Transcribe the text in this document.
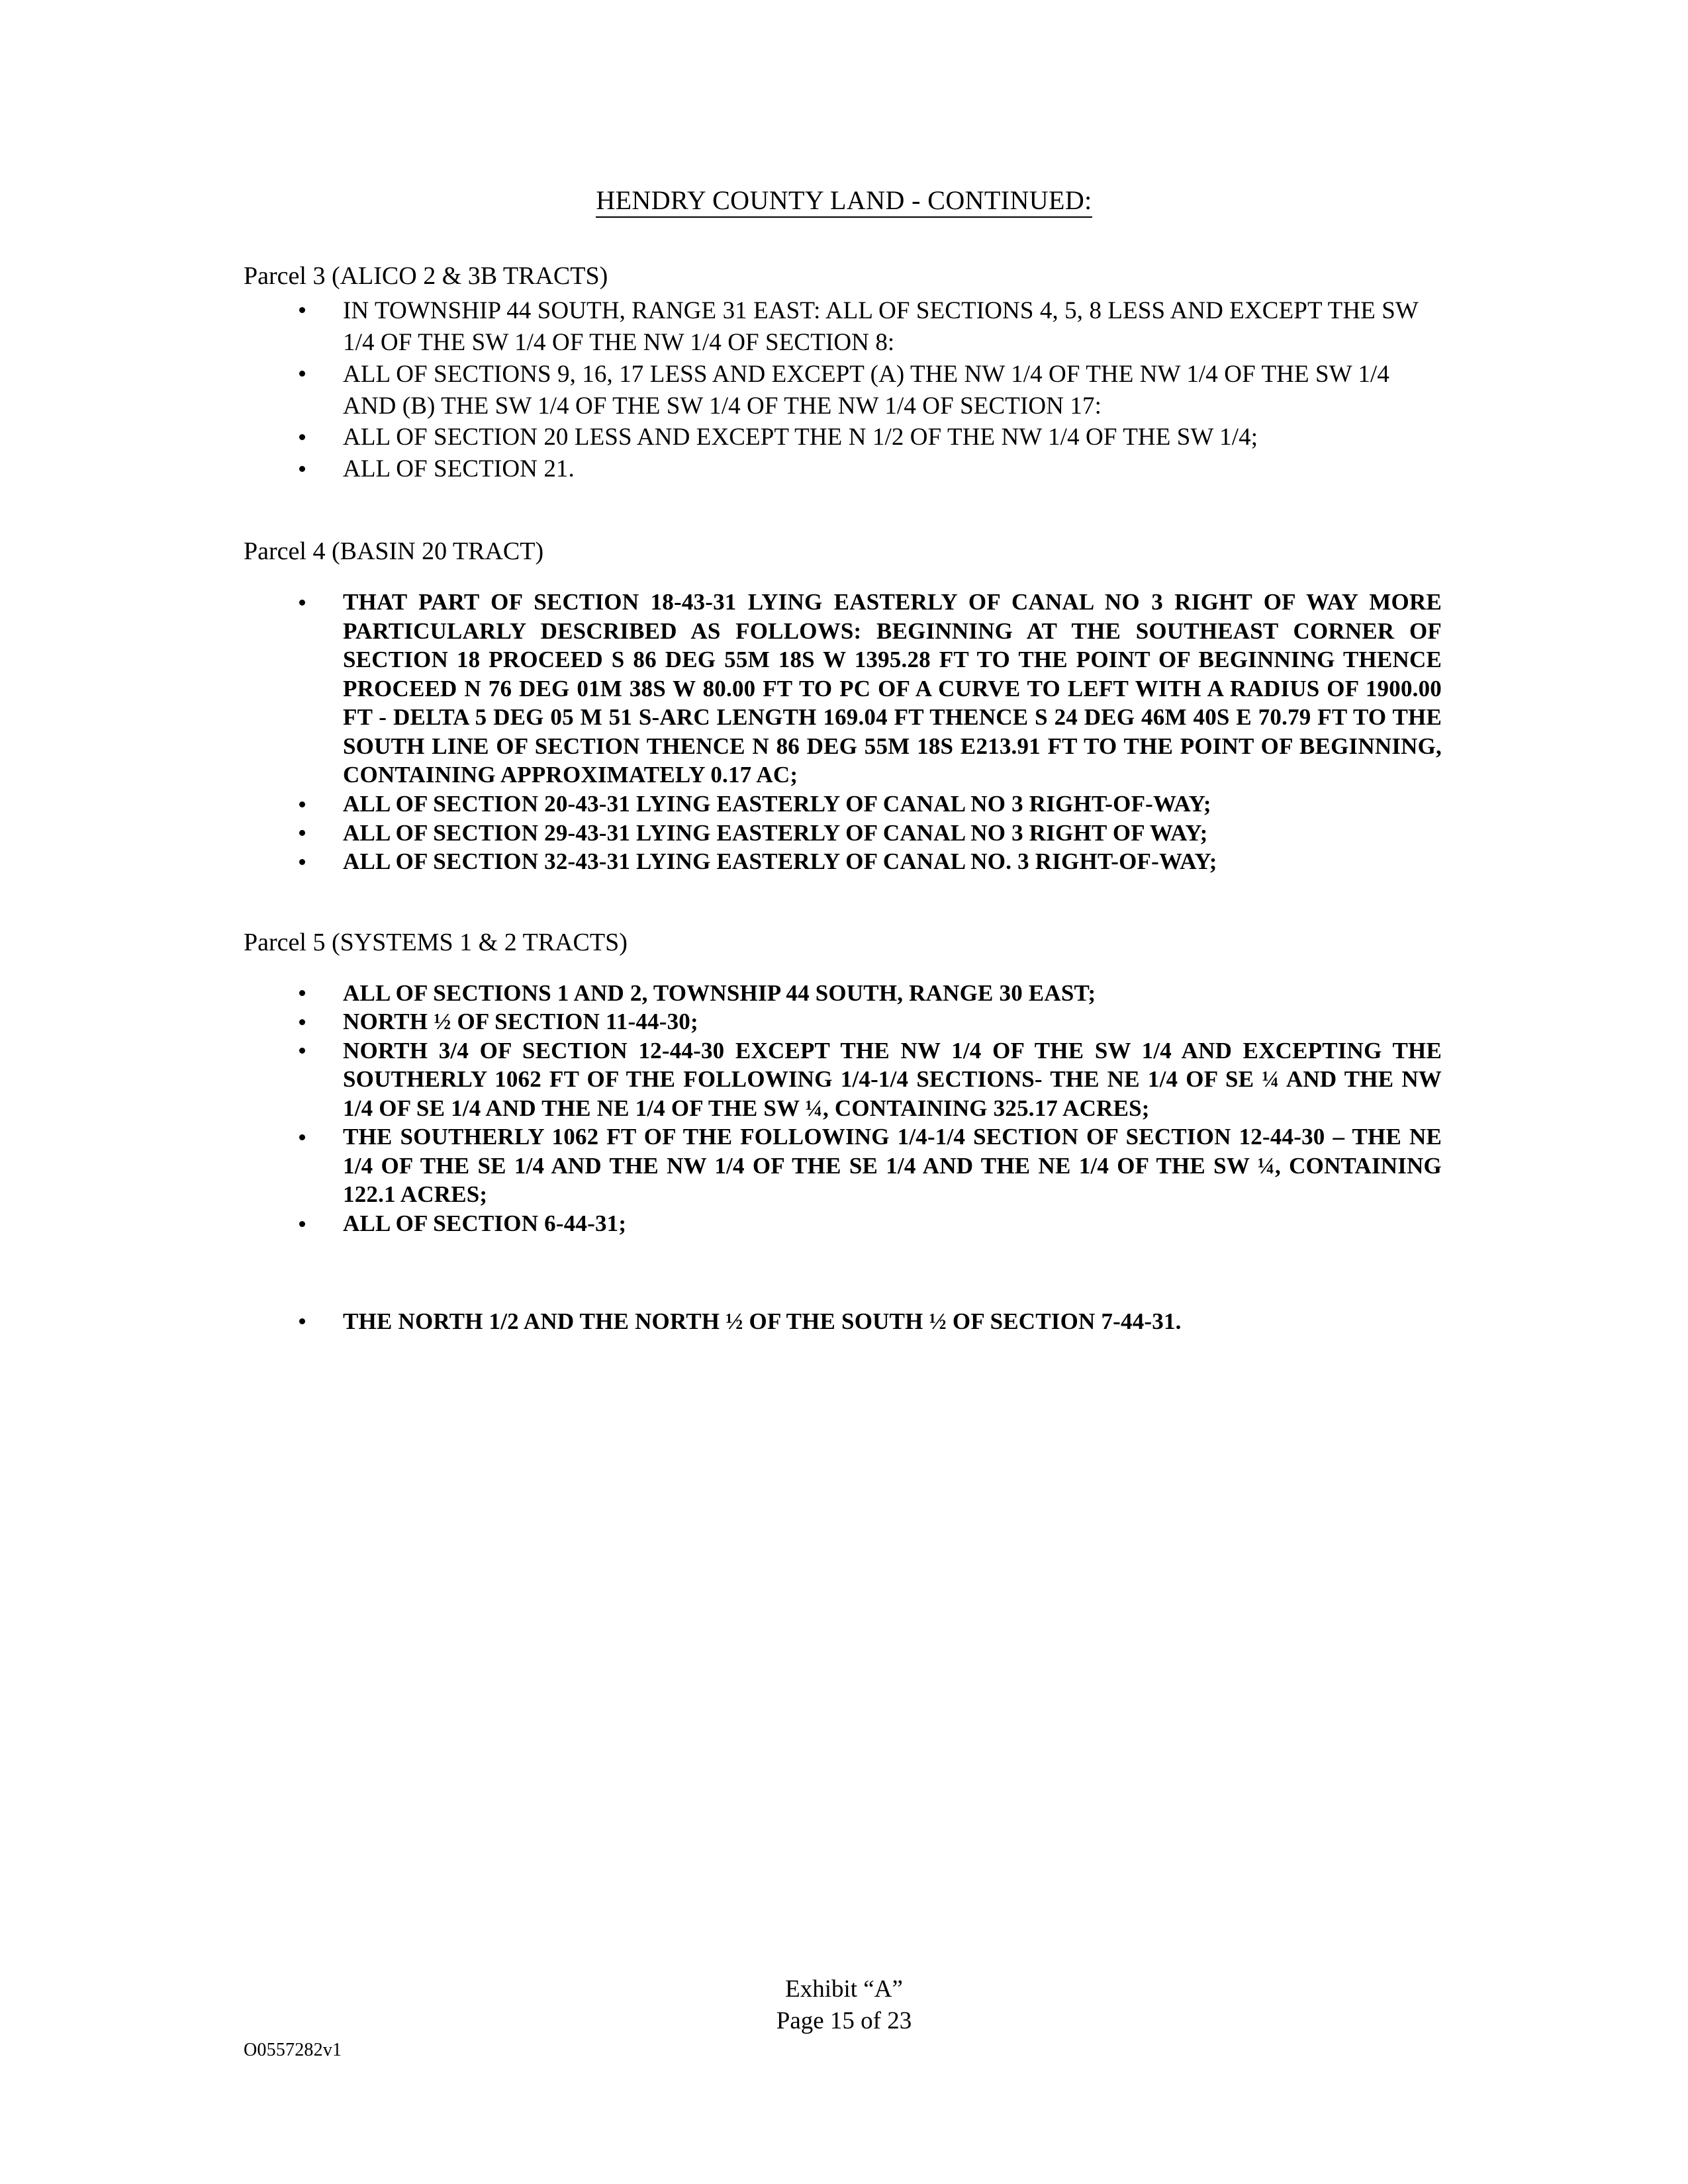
HENDRY COUNTY LAND - CONTINUED:

Parcel 3 (ALICO 2 & 3B TRACTS)

IN TOWNSHIP 44 SOUTH, RANGE 31 EAST: ALL OF SECTIONS 4, 5, 8 LESS AND EXCEPT THE SW 1/4 OF THE SW 1/4 OF THE NW 1/4 OF SECTION 8:
ALL OF SECTIONS 9, 16, 17 LESS AND EXCEPT (A) THE NW 1/4 OF THE NW 1/4 OF THE SW 1/4 AND (B) THE SW 1/4 OF THE SW 1/4 OF THE NW 1/4 OF SECTION 17:
ALL OF SECTION 20 LESS AND EXCEPT THE N 1/2 OF THE NW 1/4 OF THE SW 1/4;
ALL OF SECTION 21.

Parcel 4 (BASIN 20 TRACT)

THAT PART OF SECTION 18-43-31 LYING EASTERLY OF CANAL NO 3 RIGHT OF WAY MORE PARTICULARLY DESCRIBED AS FOLLOWS: BEGINNING AT THE SOUTHEAST CORNER OF SECTION 18 PROCEED S 86 DEG 55M 18S W 1395.28 FT TO THE POINT OF BEGINNING THENCE PROCEED N 76 DEG 01M 38S W 80.00 FT TO PC OF A CURVE TO LEFT WITH A RADIUS OF 1900.00 FT - DELTA 5 DEG 05 M 51 S-ARC LENGTH 169.04 FT THENCE S 24 DEG 46M 40S E 70.79 FT TO THE SOUTH LINE OF SECTION THENCE N 86 DEG 55M 18S E213.91 FT TO THE POINT OF BEGINNING, CONTAINING APPROXIMATELY 0.17 AC;
ALL OF SECTION 20-43-31 LYING EASTERLY OF CANAL NO 3 RIGHT-OF-WAY;
ALL OF SECTION 29-43-31 LYING EASTERLY OF CANAL NO 3 RIGHT OF WAY;
ALL OF SECTION 32-43-31 LYING EASTERLY OF CANAL NO. 3 RIGHT-OF-WAY;

Parcel 5 (SYSTEMS 1 & 2 TRACTS)

ALL OF SECTIONS 1 AND 2, TOWNSHIP 44 SOUTH, RANGE 30 EAST;
NORTH ½ OF SECTION 11-44-30;
NORTH 3/4 OF SECTION 12-44-30 EXCEPT THE NW 1/4 OF THE SW 1/4 AND EXCEPTING THE SOUTHERLY 1062 FT OF THE FOLLOWING 1/4-1/4 SECTIONS- THE NE 1/4 OF SE ¼ AND THE NW 1/4 OF SE 1/4 AND THE NE 1/4 OF THE SW ¼, CONTAINING 325.17 ACRES;
THE SOUTHERLY 1062 FT OF THE FOLLOWING 1/4-1/4 SECTION OF SECTION 12-44-30 – THE NE 1/4 OF THE SE 1/4 AND THE NW 1/4 OF THE SE 1/4 AND THE NE 1/4 OF THE SW ¼, CONTAINING 122.1 ACRES;
ALL OF SECTION 6-44-31;
THE NORTH 1/2 AND THE NORTH ½ OF THE SOUTH ½ OF SECTION 7-44-31.
Exhibit “A”
Page 15 of 23
O0557282v1
